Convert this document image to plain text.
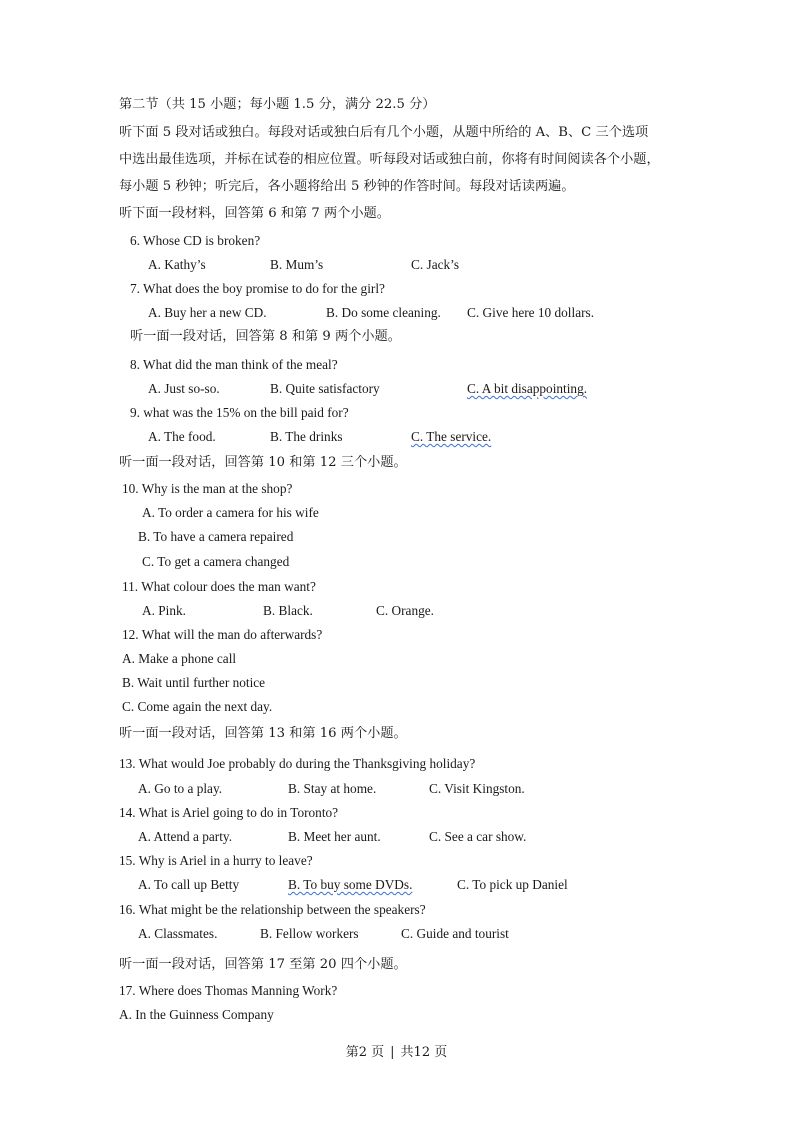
第二节（共 15 小题；每小题 1.5 分，满分 22.5 分）
听下面 5 段对话或独白。每段对话或独白后有几个小题，从题中所给的 A、B、C 三个选项
中选出最佳选项，并标在试卷的相应位置。听每段对话或独白前，你将有时间阅读各个小题，
每小题 5 秒钟；听完后，各小题将给出 5 秒钟的作答时间。每段对话读两遍。
听下面一段材料，回答第 6 和第 7 两个小题。
6. Whose CD is broken?
A. Kathy’s	B. Mum’s	C. Jack’s
7. What does the boy promise to do for the girl?
A. Buy her a new CD.	B. Do some cleaning. C. Give here 10 dollars.
听一面一段对话，回答第 8 和第 9 两个小题。
8. What did the man think of the meal?
A. Just so-so.	B. Quite satisfactory	C. A bit disappointing.
9. what was the 15% on the bill paid for?
A. The food.	B. The drinks	C. The service.
听一面一段对话，回答第 10 和第 12 三个小题。
10. Why is the man at the shop?
A. To order a camera for his wife
B. To have a camera repaired
C. To get a camera changed
11. What colour does the man want?
A. Pink.	B. Black.	C. Orange.
12. What will the man do afterwards?
A. Make a phone call
B. Wait until further notice
C. Come again the next day.
听一面一段对话，回答第 13 和第 16 两个小题。
13. What would Joe probably do during the Thanksgiving holiday?
A. Go to a play.	B. Stay at home.	C. Visit Kingston.
14. What is Ariel going to do in Toronto?
A. Attend a party.	B. Meet her aunt.	C. See a car show.
15. Why is Ariel in a hurry to leave?
A. To call up Betty	B. To buy some DVDs.	C. To pick up Daniel
16. What might be the relationship between the speakers?
A. Classmates.	B. Fellow workers	C. Guide and tourist
听一面一段对话，回答第 17 至第 20 四个小题。
17. Where does Thomas Manning Work?
A. In the Guinness Company
第2 页 | 共12 页
